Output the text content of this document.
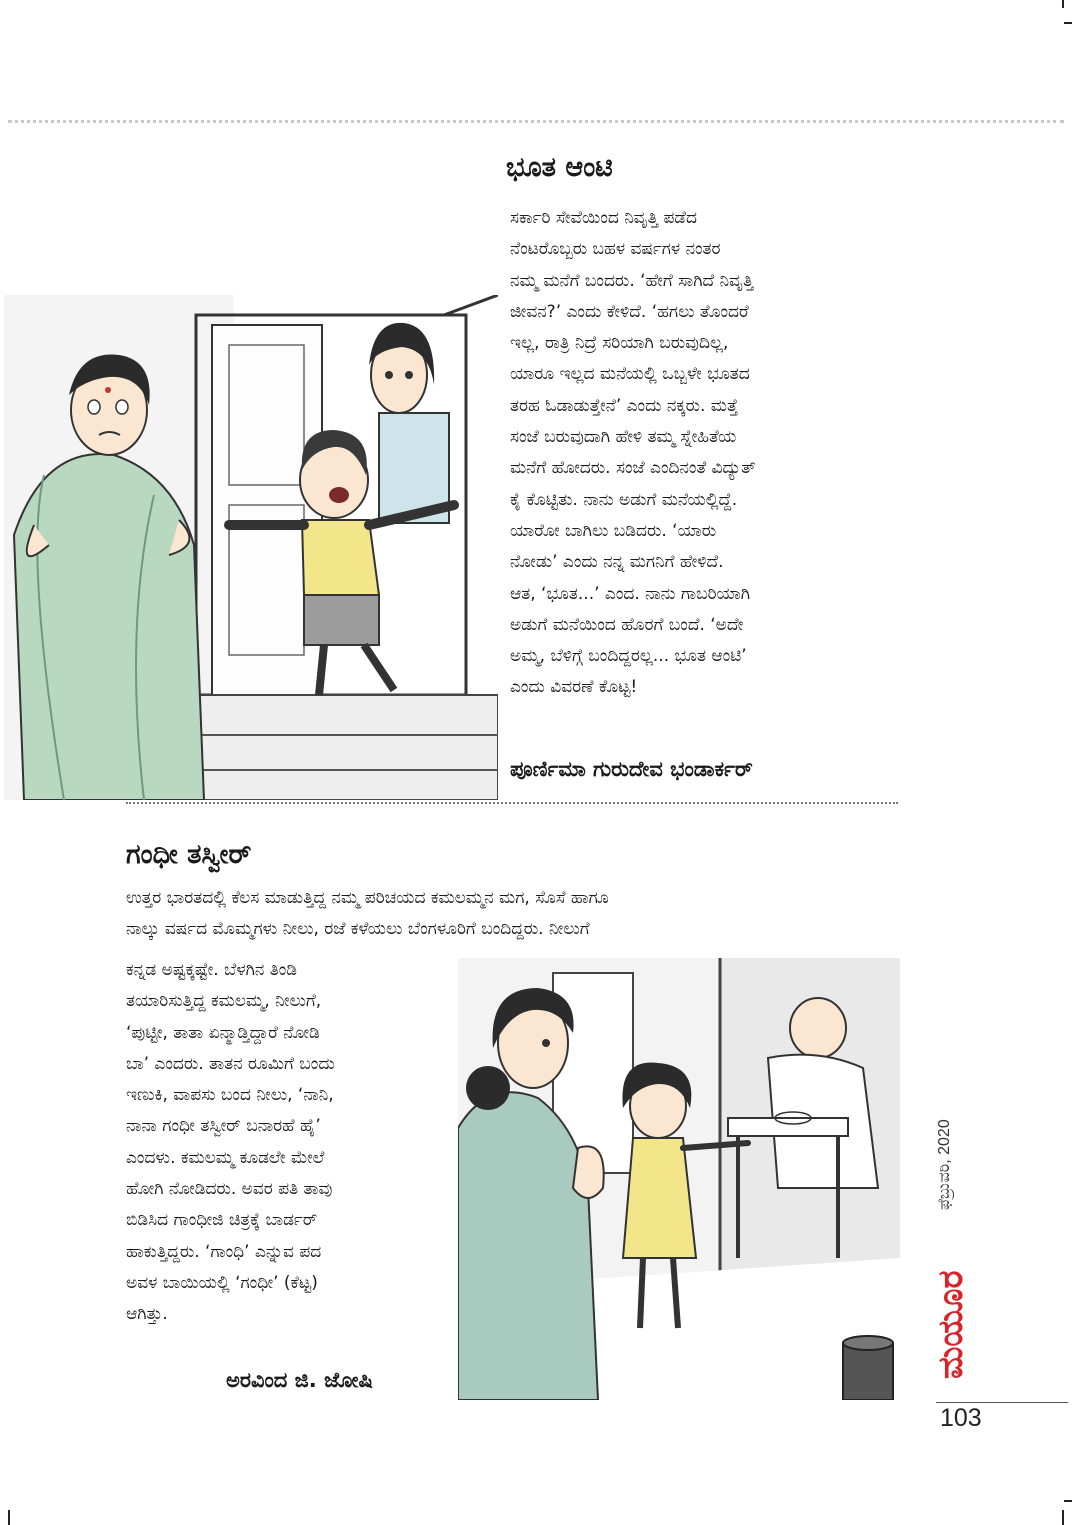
ಭೂತ ಆಂಟಿ
ಸರ್ಕಾರಿ ಸೇವೆಯಿಂದ ನಿವೃತ್ತಿ ಪಡೆದ
ನೆಂಟರೊಬ್ಬರು ಬಹಳ ವರ್ಷಗಳ ನಂತರ
ನಮ್ಮ ಮನೆಗೆ ಬಂದರು. ‘ಹೇಗೆ ಸಾಗಿದೆ ನಿವೃತ್ತಿ
ಜೀವನ?’ ಎಂದು ಕೇಳಿದೆ. ‘ಹಗಲು ತೊಂದರೆ
ಇಲ್ಲ, ರಾತ್ರಿ ನಿದ್ರೆ ಸರಿಯಾಗಿ ಬರುವುದಿಲ್ಲ,
ಯಾರೂ ಇಲ್ಲದ ಮನೆಯಲ್ಲಿ ಒಬ್ಬಳೇ ಭೂತದ
ತರಹ ಓಡಾಡುತ್ತೇನೆ’ ಎಂದು ನಕ್ಕರು. ಮತ್ತೆ
ಸಂಜೆ ಬರುವುದಾಗಿ ಹೇಳಿ ತಮ್ಮ ಸ್ನೇಹಿತೆಯ
ಮನೆಗೆ ಹೋದರು. ಸಂಜೆ ಎಂದಿನಂತೆ ವಿದ್ಯುತ್
ಕೈ ಕೊಟ್ಟಿತು. ನಾನು ಅಡುಗೆ ಮನೆಯಲ್ಲಿದ್ದೆ.
ಯಾರೋ ಬಾಗಿಲು ಬಡಿದರು. ‘ಯಾರು
ನೋಡು’ ಎಂದು ನನ್ನ ಮಗನಿಗೆ ಹೇಳಿದೆ.
ಆತ, ‘ಭೂತ...’ ಎಂದ. ನಾನು ಗಾಬರಿಯಾಗಿ
ಅಡುಗೆ ಮನೆಯಿಂದ ಹೊರಗೆ ಬಂದೆ. ‘ಅದೇ
ಅಮ್ಮ, ಬೆಳಿಗ್ಗೆ ಬಂದಿದ್ದರಲ್ಲ... ಭೂತ ಆಂಟಿ’
ಎಂದು ವಿವರಣೆ ಕೊಟ್ಟ!
ಪೂರ್ಣಿಮಾ ಗುರುದೇವ ಭಂಡಾರ್ಕರ್
ಗಂಧೀ ತಸ್ವೀರ್
ಉತ್ತರ ಭಾರತದಲ್ಲಿ ಕೆಲಸ ಮಾಡುತ್ತಿದ್ದ ನಮ್ಮ ಪರಿಚಯದ ಕಮಲಮ್ಮನ ಮಗ, ಸೊಸೆ ಹಾಗೂ
ನಾಲ್ಕು ವರ್ಷದ ಮೊಮ್ಮಗಳು ನೀಲು, ರಜೆ ಕಳೆಯಲು ಬೆಂಗಳೂರಿಗೆ ಬಂದಿದ್ದರು. ನೀಲುಗೆ
ಕನ್ನಡ ಅಷ್ಟಕ್ಕಷ್ಟೇ. ಬೆಳಗಿನ ತಿಂಡಿ
ತಯಾರಿಸುತ್ತಿದ್ದ ಕಮಲಮ್ಮ, ನೀಲುಗೆ,
‘ಪುಟ್ಟೀ, ತಾತಾ ಏನ್ಮಾಡ್ತಿದ್ದಾರೆ ನೋಡಿ
ಬಾ’ ಎಂದರು. ತಾತನ ರೂಮಿಗೆ ಬಂದು
ಇಣುಕಿ, ವಾಪಸು ಬಂದ ನೀಲು, ‘ನಾನಿ,
ನಾನಾ ಗಂಧೀ ತಸ್ವೀರ್ ಬನಾರಹೆ ಹೈ’
ಎಂದಳು. ಕಮಲಮ್ಮ ಕೂಡಲೇ ಮೇಲೆ
ಹೋಗಿ ನೋಡಿದರು. ಅವರ ಪತಿ ತಾವು
ಬಿಡಿಸಿದ ಗಾಂಧೀಜಿ ಚಿತ್ರಕ್ಕೆ ಬಾರ್ಡರ್
ಹಾಕುತ್ತಿದ್ದರು. ‘ಗಾಂಧಿ’ ಎನ್ನುವ ಪದ
ಅವಳ ಬಾಯಿಯಲ್ಲಿ ‘ಗಂಧೀ’ (ಕೆಟ್ಟ)
ಆಗಿತ್ತು.
ಅರವಿಂದ ಜಿ. ಜೋಷಿ
ಫೆಬ್ರುವರಿ, 2020
ಮಯೂರ
103
